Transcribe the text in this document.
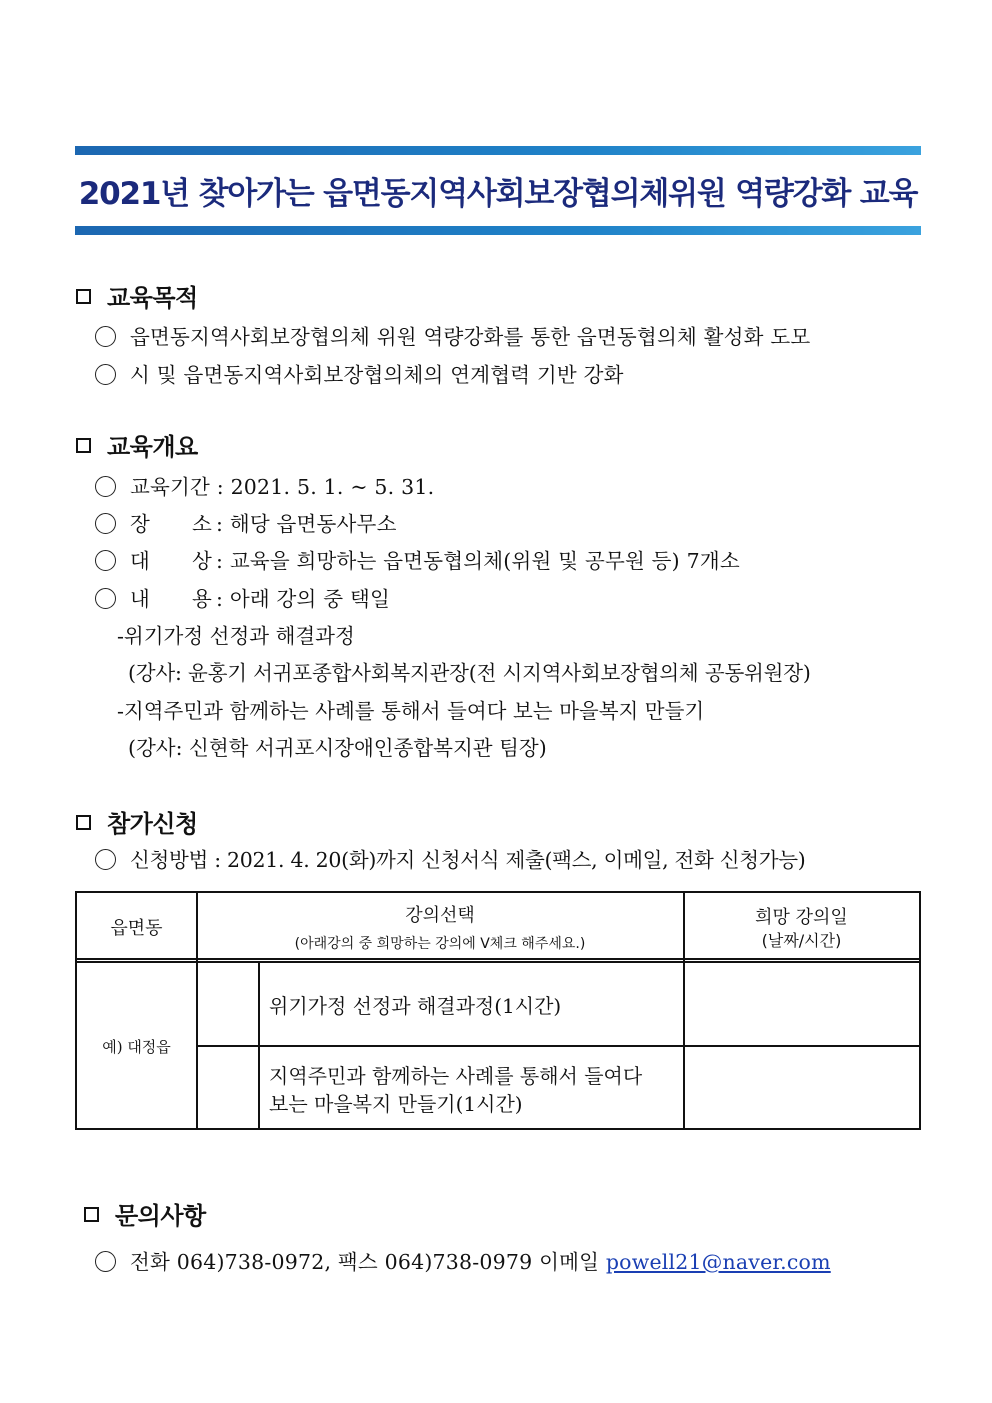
2021년 찾아가는 읍면동지역사회보장협의체위원 역량강화 교육
교육목적
읍면동지역사회보장협의체 위원 역량강화를 통한 읍면동협의체 활성화 도모
시 및 읍면동지역사회보장협의체의 연계협력 기반 강화
교육개요
교육기간 : 2021. 5. 1. ~ 5. 31.
장 소 : 해당 읍면동사무소
대 상 : 교육을 희망하는 읍면동협의체(위원 및 공무원 등) 7개소
내 용 : 아래 강의 중 택일
-위기가정 선정과 해결과정
(강사: 윤홍기 서귀포종합사회복지관장(전 시지역사회보장협의체 공동위원장)
-지역주민과 함께하는 사례를 통해서 들여다 보는 마을복지 만들기
(강사: 신현학 서귀포시장애인종합복지관 팀장)
참가신청
신청방법 : 2021. 4. 20(화)까지 신청서식 제출(팩스, 이메일, 전화 신청가능)
읍면동
강의선택
(아래강의 중 희망하는 강의에 V체크 해주세요.)
희망 강의일
(날짜/시간)
예) 대정읍
위기가정 선정과 해결과정(1시간)
지역주민과 함께하는 사례를 통해서 들여다
보는 마을복지 만들기(1시간)
문의사항
전화 064)738-0972, 팩스 064)738-0979 이메일 powell21@naver.com
